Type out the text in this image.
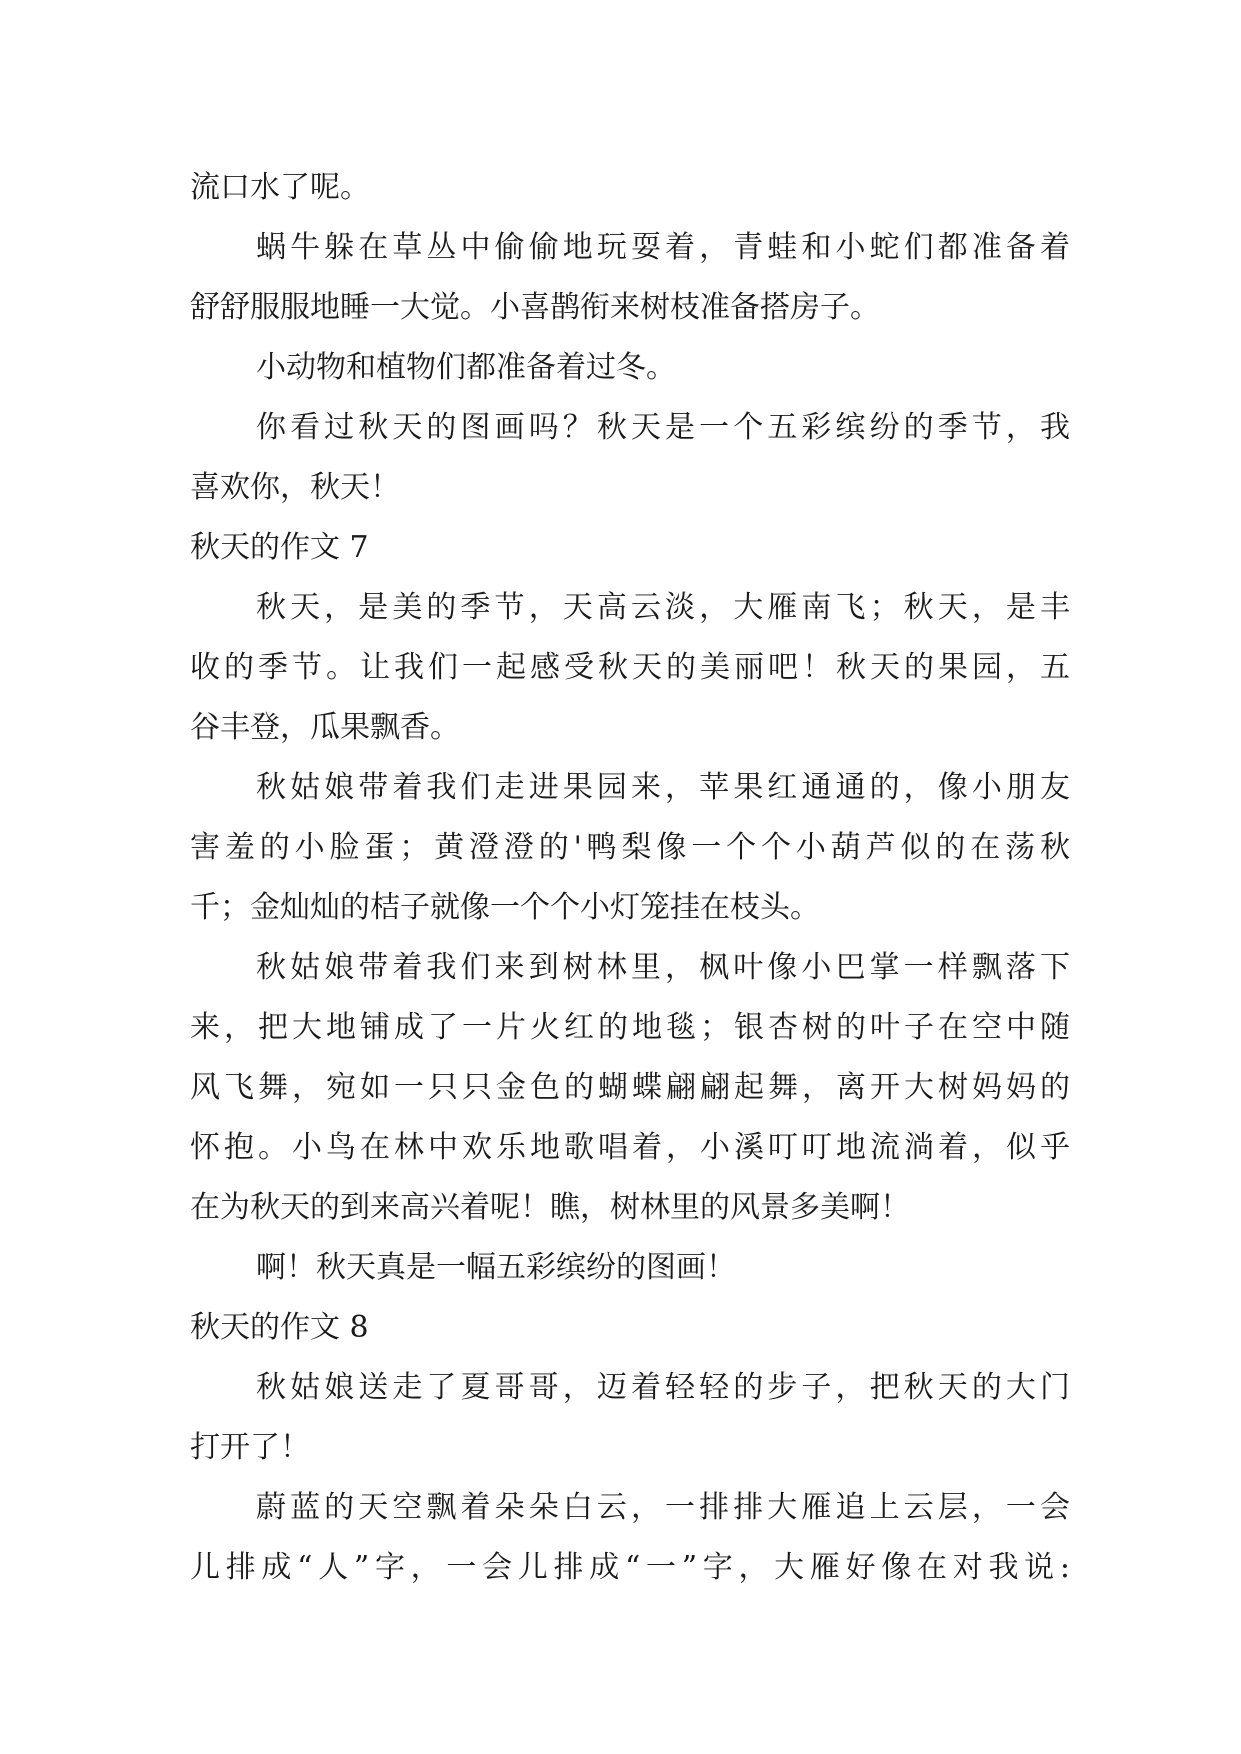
流口水了呢。
蜗牛躲在草丛中偷偷地玩耍着，青蛙和小蛇们都准备着
舒舒服服地睡一大觉。小喜鹊衔来树枝准备搭房子。
小动物和植物们都准备着过冬。
你看过秋天的图画吗？秋天是一个五彩缤纷的季节，我
喜欢你，秋天！
秋天的作文 7
秋天，是美的季节，天高云淡，大雁南飞；秋天，是丰
收的季节。让我们一起感受秋天的美丽吧！秋天的果园，五
谷丰登，瓜果飘香。
秋姑娘带着我们走进果园来，苹果红通通的，像小朋友
害羞的小脸蛋；黄澄澄的'鸭梨像一个个小葫芦似的在荡秋
千；金灿灿的桔子就像一个个小灯笼挂在枝头。
秋姑娘带着我们来到树林里，枫叶像小巴掌一样飘落下
来，把大地铺成了一片火红的地毯；银杏树的叶子在空中随
风飞舞，宛如一只只金色的蝴蝶翩翩起舞，离开大树妈妈的
怀抱。小鸟在林中欢乐地歌唱着，小溪叮叮地流淌着，似乎
在为秋天的到来高兴着呢！瞧，树林里的风景多美啊！
啊！秋天真是一幅五彩缤纷的图画！
秋天的作文 8
秋姑娘送走了夏哥哥，迈着轻轻的步子，把秋天的大门
打开了！
蔚蓝的天空飘着朵朵白云，一排排大雁追上云层，一会
儿排成“人”字，一会儿排成“一”字，大雁好像在对我说:
